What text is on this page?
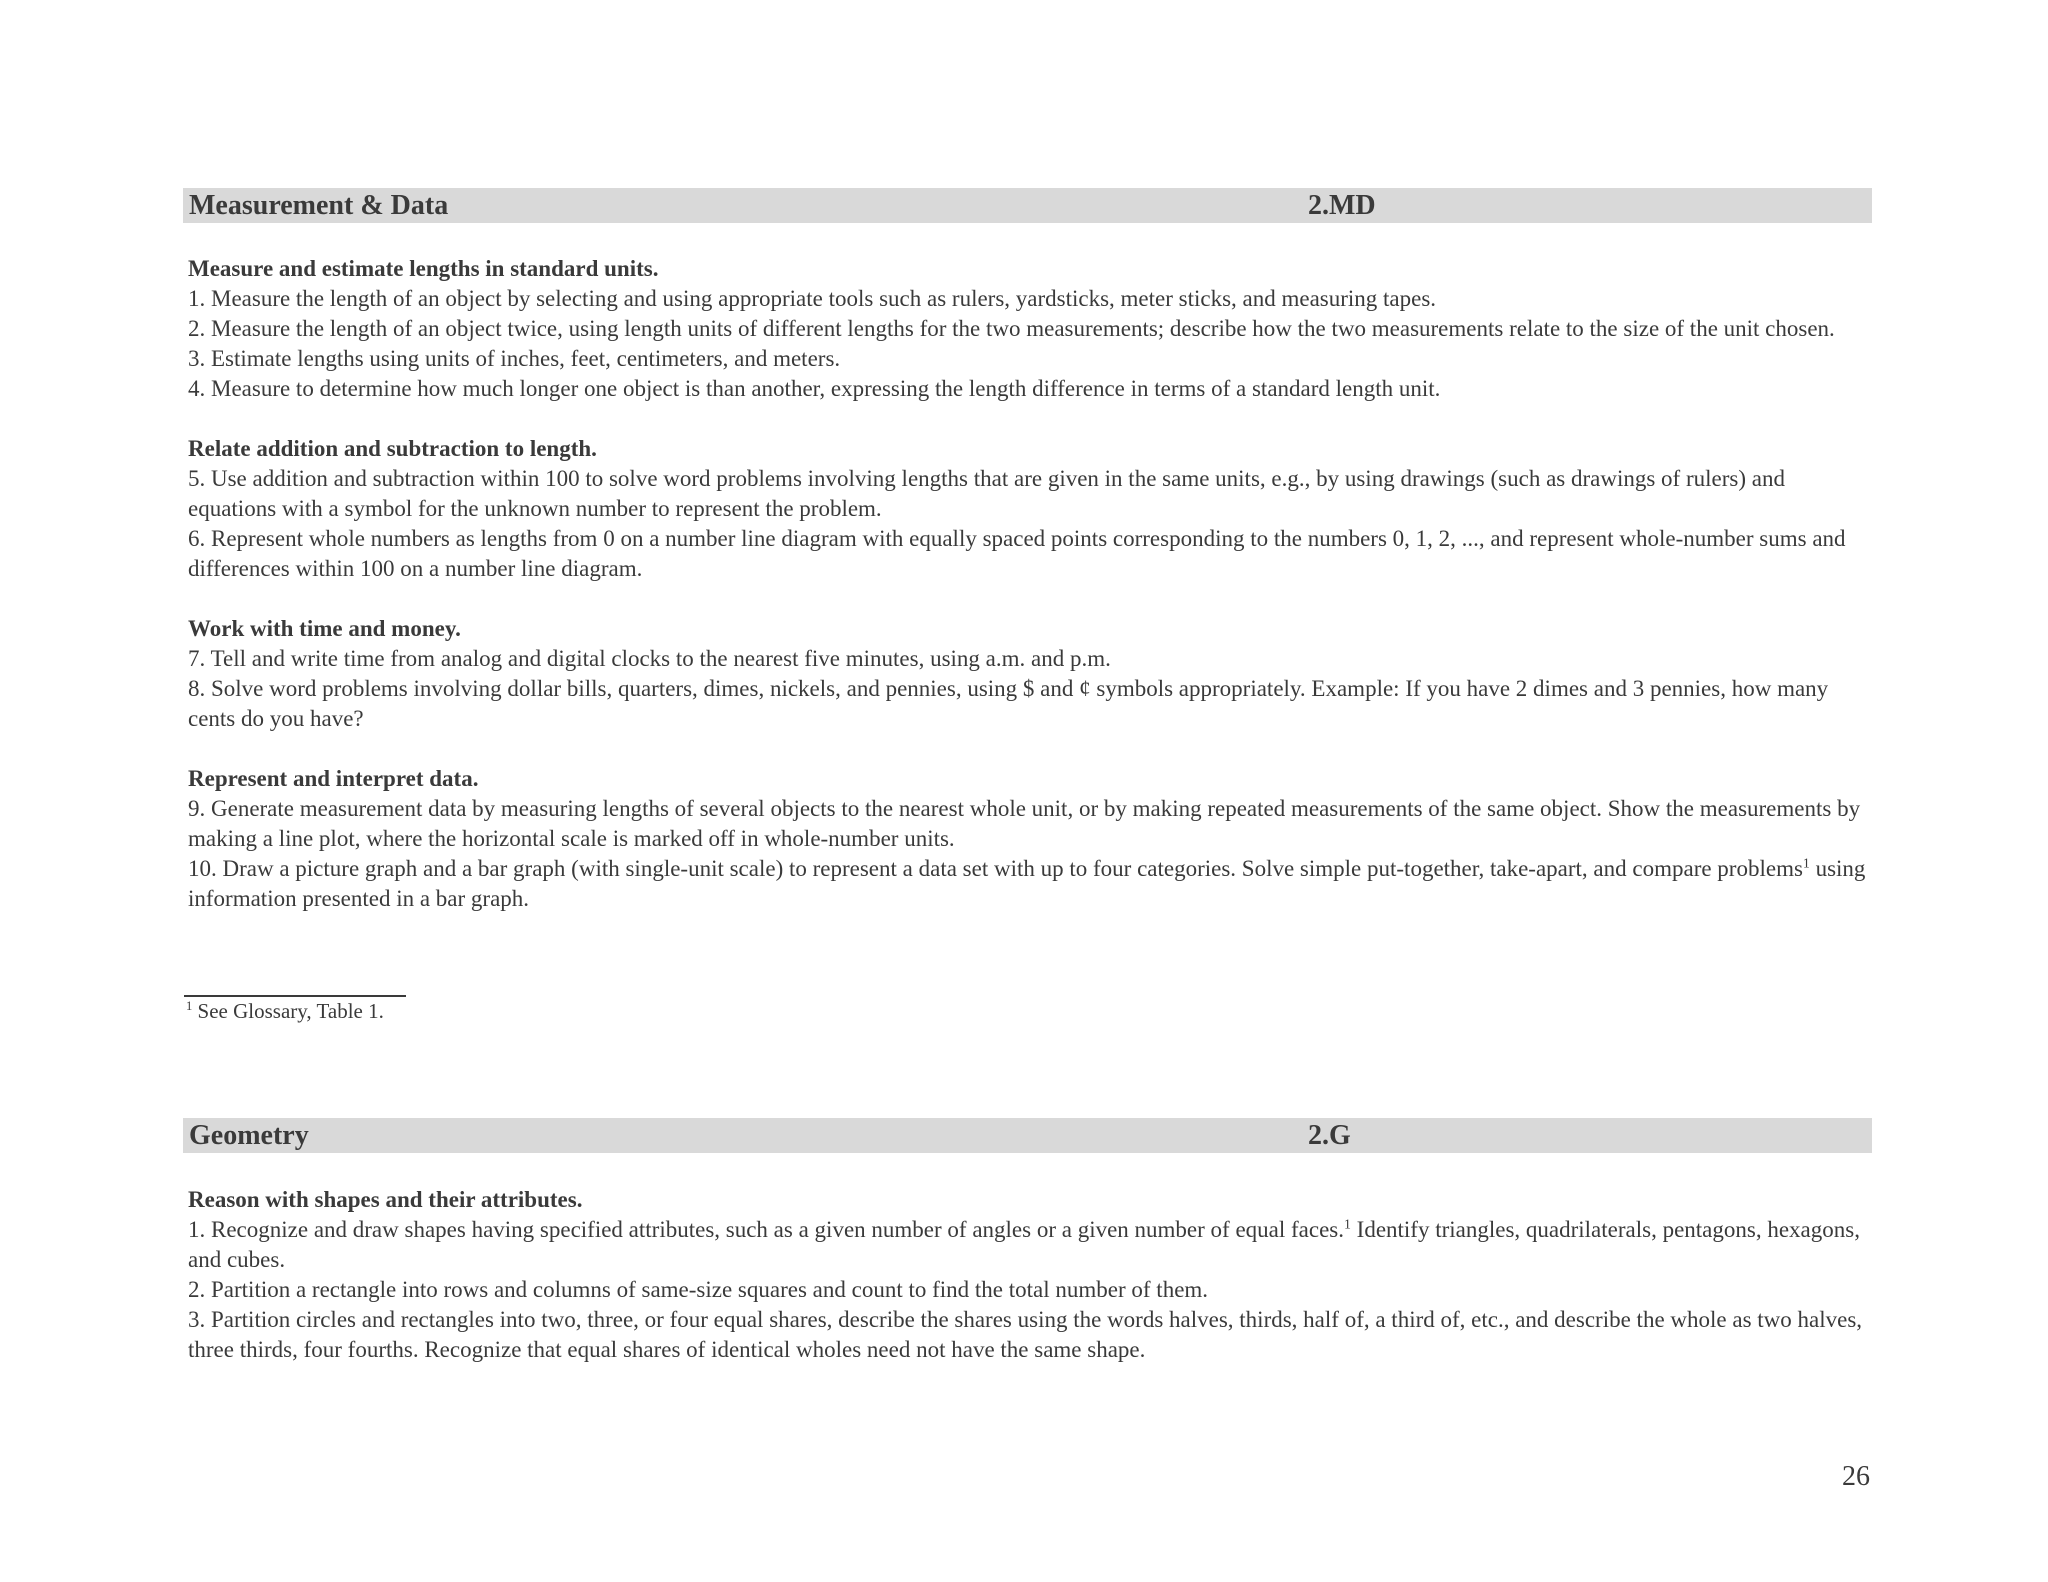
Measurement & Data	2.MD

Measure and estimate lengths in standard units.

1. Measure the length of an object by selecting and using appropriate tools such as rulers, yardsticks, meter sticks, and measuring tapes.

2. Measure the length of an object twice, using length units of different lengths for the two measurements; describe how the two measurements relate to the size of the unit chosen.

3. Estimate lengths using units of inches, feet, centimeters, and meters.

4. Measure to determine how much longer one object is than another, expressing the length difference in terms of a standard length unit.

Relate addition and subtraction to length.

5. Use addition and subtraction within 100 to solve word problems involving lengths that are given in the same units, e.g., by using drawings (such as drawings of rulers) and equations with a symbol for the unknown number to represent the problem.

6. Represent whole numbers as lengths from 0 on a number line diagram with equally spaced points corresponding to the numbers 0, 1, 2, ..., and represent whole-number sums and differences within 100 on a number line diagram.

Work with time and money.

7. Tell and write time from analog and digital clocks to the nearest five minutes, using a.m. and p.m.

8. Solve word problems involving dollar bills, quarters, dimes, nickels, and pennies, using $ and ¢ symbols appropriately. Example: If you have 2 dimes and 3 pennies, how many cents do you have?

Represent and interpret data.

9. Generate measurement data by measuring lengths of several objects to the nearest whole unit, or by making repeated measurements of the same object. Show the measurements by making a line plot, where the horizontal scale is marked off in whole-number units.

10. Draw a picture graph and a bar graph (with single-unit scale) to represent a data set with up to four categories. Solve simple put-together, take-apart, and compare problems$^1$ using information presented in a bar graph.

$^1$ See Glossary, Table 1.
Geometry	2.G

Reason with shapes and their attributes.

1. Recognize and draw shapes having specified attributes, such as a given number of angles or a given number of equal faces.$^1$ Identify triangles, quadrilaterals, pentagons, hexagons, and cubes.

2. Partition a rectangle into rows and columns of same-size squares and count to find the total number of them.

3. Partition circles and rectangles into two, three, or four equal shares, describe the shares using the words halves, thirds, half of, a third of, etc., and describe the whole as two halves, three thirds, four fourths. Recognize that equal shares of identical wholes need not have the same shape.

26
